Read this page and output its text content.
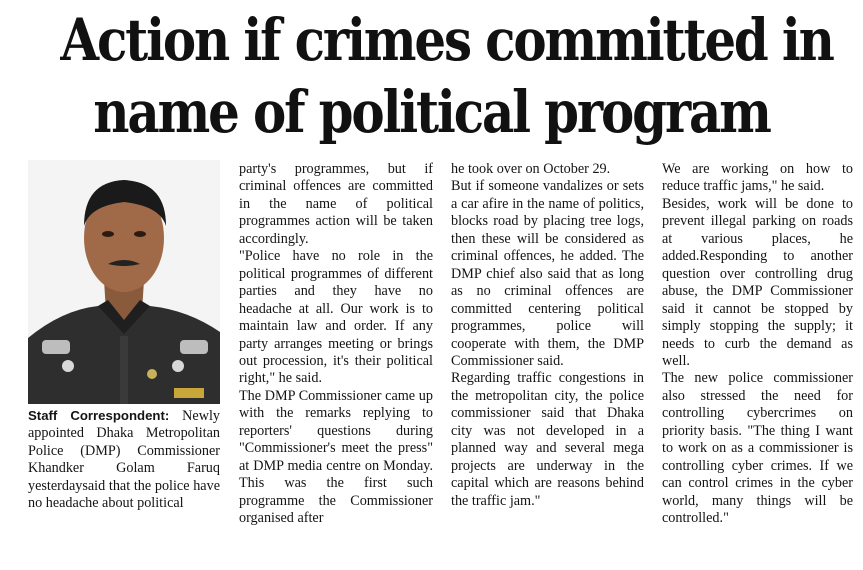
Action if crimes committed in
name of political program

Staff Correspondent: Newly appointed Dhaka Metropolitan Police (DMP) Commissioner Khandker Golam Faruq yesterdaysaid that the police have no headache about political

party's programmes, but if criminal offences are committed in the name of political programmes action will be taken accordingly.

"Police have no role in the political programmes of different parties and they have no headache at all. Our work is to maintain law and order. If any party arranges meeting or brings out procession, it's their political right," he said.

The DMP Commissioner came up with the remarks replying to reporters' questions during "Commissioner's meet the press" at DMP media centre on Monday. This was the first such programme the Commissioner organised after

he took over on October 29.

But if someone vandalizes or sets a car afire in the name of politics, blocks road by placing tree logs, then these will be considered as criminal offences, he added. The DMP chief also said that as long as no criminal offences are committed centering political programmes, police will cooperate with them, the DMP Commissioner said.

Regarding traffic congestions in the metropolitan city, the police commissioner said that Dhaka city was not developed in a planned way and several mega projects are underway in the capital which are reasons behind the traffic jam."

We are working on how to reduce traffic jams," he said.

Besides, work will be done to prevent illegal parking on roads at various places, he added.Responding to another question over controlling drug abuse, the DMP Commissioner said it cannot be stopped by simply stopping the supply; it needs to curb the demand as well.

The new police commissioner also stressed the need for controlling cybercrimes on priority basis. "The thing I want to work on as a commissioner is controlling cyber crimes. If we can control crimes in the cyber world, many things will be controlled."
